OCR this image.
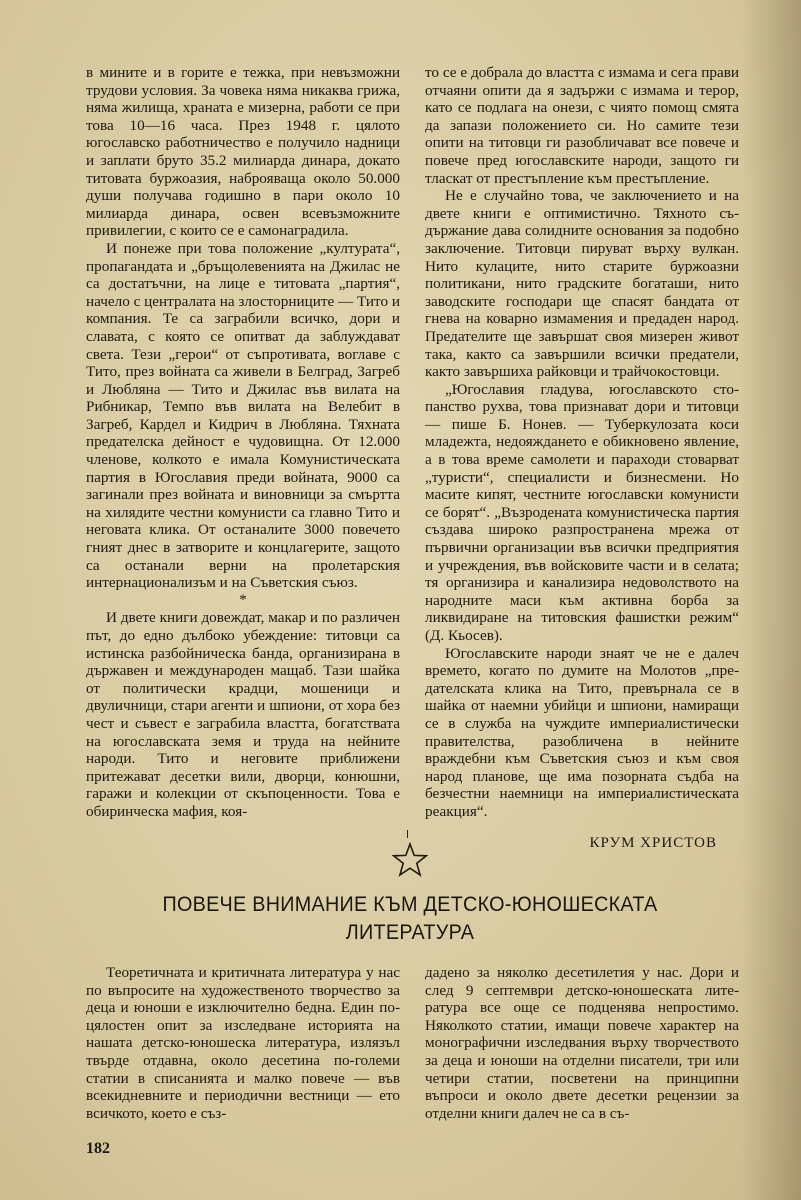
в мините и в горите е тежка, при невъзможни трудови условия. За човека няма никаква грижа, няма жилища, храната е мизерна, работи се при това 10—16 часа. През 1948 г. цялото югославско работничество е получило надници и заплати бруто 35.2 милиарда динара, докато титовата буржоазия, наброяваща около 50.000 души получава годишно в пари около 10 милиарда динара, освен всевъзможните привилегии, с които се е самонаградила.

И понеже при това положение „културата“, пропагандата и „бръщолевенията на Джилас не са достатъчни, на лице е титовата „партия“, начело с централата на злосторниците — Тито и компания. Те са заграбили всичко, дори и славата, с която се опитват да заблуждават света. Тези „герои“ от съпротивата, воглаве с Тито, през войната са живели в Белград, Загреб и Любляна — Тито и Джилас във вилата на Рибникар, Темпо във вилата на Велебит в Загреб, Кардел и Кидрич в Любляна. Тяхната предателска дейност е чудовищна. От 12.000 членове, колкото е имала Комунистическата партия в Югославия преди войната, 9000 са загинали през войната и виновници за смъртта на хилядите честни комунисти са главно Тито и неговата клика. От останалите 3000 повечето гният днес в затворите и концлагерите, защото са останали верни на пролетарския интернационализъм и на Съветския съюз.

*

И двете книги довеждат, макар и по различен път, до едно дълбоко убеждение: титовци са истинска разбойническа банда, организирана в държавен и международен мащаб. Тази шайка от политически крадци, мошеници и двуличници, стари агенти и шпиони, от хора без чест и съвест е заграбила властта, богатствата на югославската земя и труда на нейните народи. Тито и неговите приближени притежават десетки вили, дворци, конюшни, гаражи и колекции от скъпоценности. Това е обиринческа мафия, коя-

то се е добрала до властта с измама и сега прави отчаяни опити да я задържи с измама и терор, като се подлага на онези, с чиято помощ смята да запази положението си. Но самите тези опити на титовци ги разобличават все повече и повече пред югославските народи, защото ги тласкат от престъпление към престъпление.

Не е случайно това, че заключението и на двете книги е оптимистично. Тяхното съдържание дава солидните основания за подобно заключение. Титовци пируват върху вулкан. Нито кулаците, нито старите буржоазни политикани, нито градските богаташи, нито заводските господари ще спасят бандата от гнева на коварно измамения и предаден народ. Предателите ще завършат своя мизерен живот така, както са завършили всички предатели, както завършиха райковци и трайчокостовци.

„Югославия гладува, югославското стопанство рухва, това признават дори и титовци — пише Б. Нонев. — Туберкулозата коси младежта, недояждането е обикновено явление, а в това време самолети и параходи стоварват „туристи“, специалисти и бизнесмени. Но масите кипят, честните югославски комунисти се борят“. „Възродената комунистическа партия създава широко разпространена мрежа от първични организации във всички предприятия и учреждения, във войсковите части и в селата; тя организира и канализира недоволството на народните маси към активна борба за ликвидиране на титовския фашистки режим“ (Д. Кьосев).

Югославските народи знаят че не е далеч времето, когато по думите на Молотов „предателската клика на Тито, превърнала се в шайка от наемни убийци и шпиони, намиращи се в служба на чуждите империалистически правителства, разобличена в нейните враждебни към Съветския съюз и към своя народ планове, ще има позорната съдба на безчестни наемници на империалистическата реакция“.

КРУМ ХРИСТОВ
ПОВЕЧЕ ВНИМАНИЕ КЪМ ДЕТСКО-ЮНОШЕСКАТА
ЛИТЕРАТУРА

Теоретичната и критичната литература у нас по въпросите на художественото творчество за деца и юноши е изключително бедна. Един по-цялостен опит за изследване историята на нашата детско-юношеска литература, излязъл твърде отдавна, около десетина по-големи статии в списанията и малко повече — във всекидневните и периодични вестници — ето всичкото, което е съз-

дадено за няколко десетилетия у нас. Дори и след 9 септември детско-юношеската литература все още се подценява непростимо. Няколкото статии, имащи повече характер на монографични изследвания върху творчеството за деца и юноши на отделни писатели, три или четири статии, посветени на принципни въпроси и около двете десетки рецензии за отделни книги далеч не са в съ-

182
